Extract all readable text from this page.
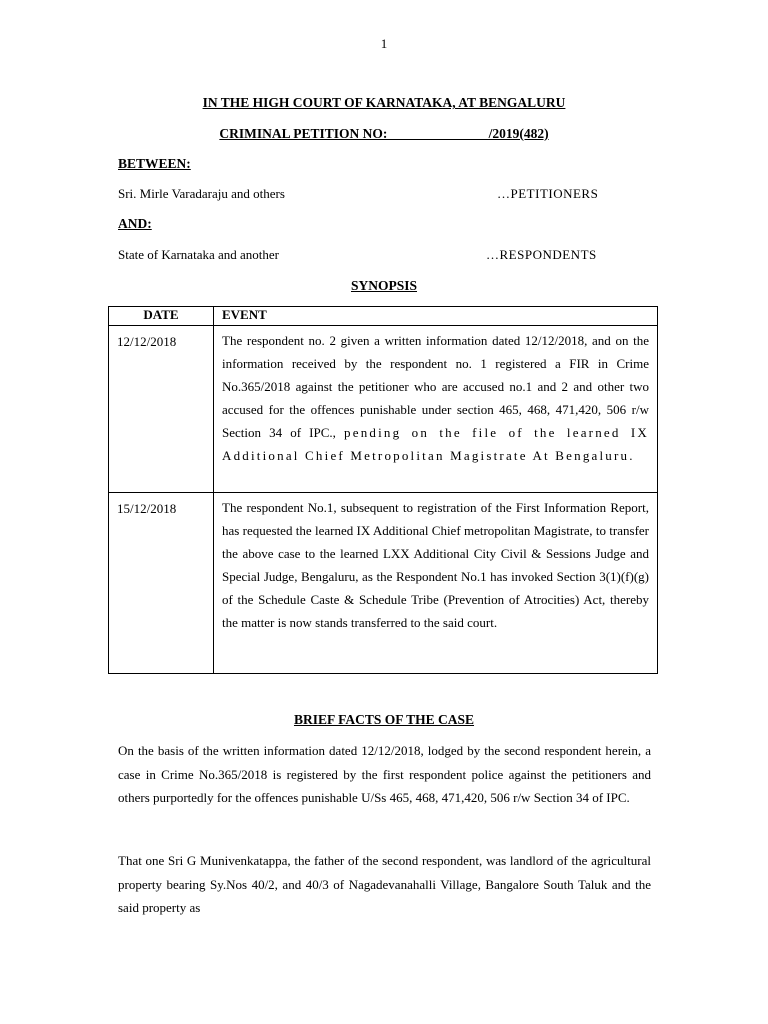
1
IN THE HIGH COURT OF KARNATAKA, AT BENGALURU
CRIMINAL PETITION NO:_______________/2019(482)
BETWEEN:
Sri. Mirle Varadaraju and others	…PETITIONERS
AND:
State of Karnataka and another	…RESPONDENTS
SYNOPSIS
DATE	EVENT
12/12/2018	The respondent no. 2 given a written information dated 12/12/2018, and on the information received by the respondent no. 1 registered a FIR in Crime No.365/2018 against the petitioner who are accused no.1 and 2 and other two accused for the offences punishable under section 465, 468, 471,420, 506 r/w Section 34 of IPC., pending on the file of the learned IX Additional Chief Metropolitan Magistrate At Bengaluru.
15/12/2018	The respondent No.1, subsequent to registration of the First Information Report, has requested the learned IX Additional Chief metropolitan Magistrate, to transfer the above case to the learned LXX Additional City Civil & Sessions Judge and Special Judge, Bengaluru, as the Respondent No.1 has invoked Section 3(1)(f)(g) of the Schedule Caste & Schedule Tribe (Prevention of Atrocities) Act, thereby the matter is now stands transferred to the said court.
BRIEF FACTS OF THE CASE
On the basis of the written information dated 12/12/2018, lodged by the second respondent herein, a case in Crime No.365/2018 is registered by the first respondent police against the petitioners and others purportedly for the offences punishable U/Ss 465, 468, 471,420, 506 r/w Section 34 of IPC.
That one Sri G Munivenkatappa, the father of the second respondent, was landlord of the agricultural property bearing Sy.Nos 40/2, and 40/3 of Nagadevanahalli Village, Bangalore South Taluk and the said property as
